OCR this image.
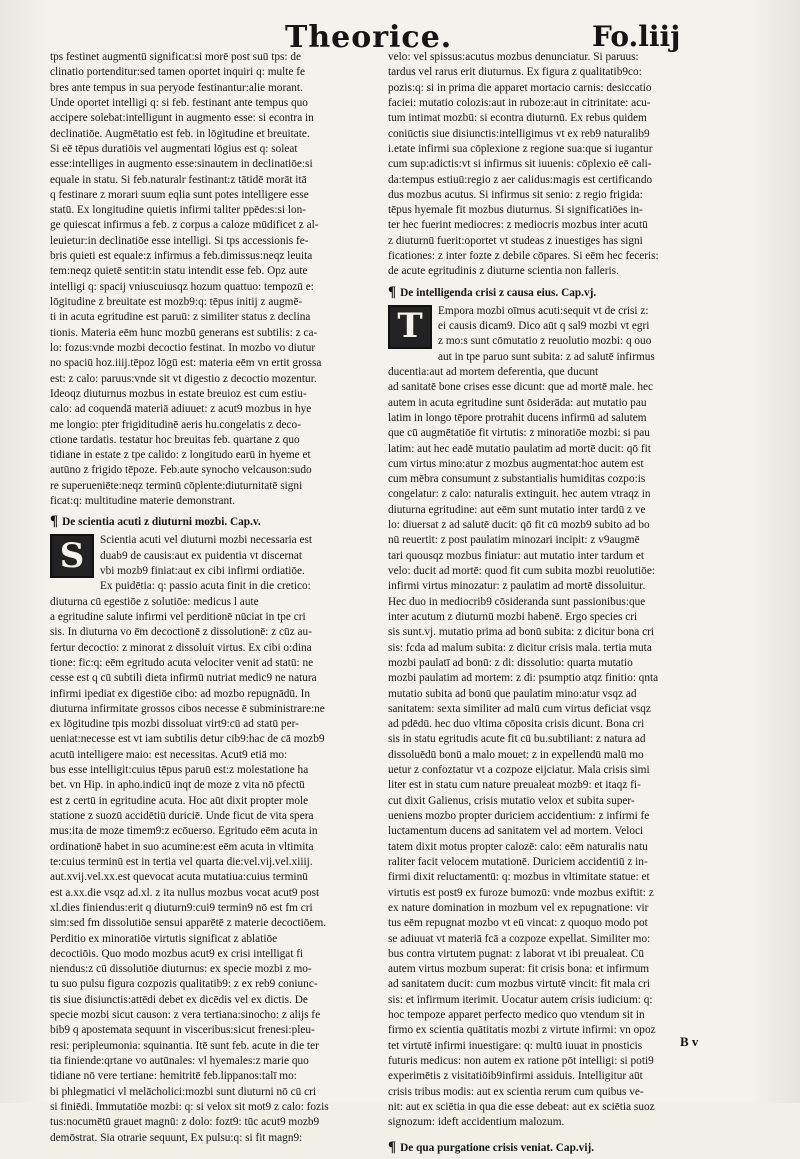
Theorice.	Fo.liij
tps festinet augmentū significat:si morē post suū tps: de
clinatio portenditur:sed tamen oportet inquiri q: multe fe
bres ante tempus in sua peryode festinantur:alie morant.
Unde oportet intelligi q: si feb. festinant ante tempus quo
accipere solebat:intelligunt in augmento esse: si econtra in
declinatiōe. Augmētatio est feb. in lōgitudine et breuitate.
Si eē tēpus duratiōis vel augmentati lōgius est q: soleat
esse:intelliges in augmento esse:sinautem in declinatiōe:si
equale in statu. Si feb.naturalr festinant:z tātidē morāt itā
q festinare z morari suum eqlia sunt potes intelligere esse
statū. Ex longitudine quietis infirmi taliter ppēdes:si lon-
ge quiescat infirmus a feb. z corpus a caloze mūdificet z al-
leuietur:in declinatiōe esse intelligi. Si tps accessionis fe-
bris quieti est equale:z infirmus a feb.dimissus:neqz leuita
tem:neqz quietē sentit:in statu intendit esse feb. Opz aute
intelligi q: spacij vniuscuiusqz hozum quattuo: tempozū e:
lōgitudine z breuitate est mozb9:q: tēpus initij z augmē-
ti in acuta egritudine est paruū: z similiter status z declina
tionis. Materia eēm hunc mozbū generans est subtilis: z ca-
lo: fozus:vnde mozbi decoctio festinat. In mozbo vo diutur
no spaciū hoz.iiij.tēpoz lōgū est: materia eēm vn ertit grossa
est: z calo: paruus:vnde sit vt digestio z decoctio mozentur.
Ideoqz diuturnus mozbus in estate breuioz est cum estiu-
calo: ad coquendā materiā adiuuet: z acut9 mozbus in hye
me longio: pter frigiditudinē aeris hu.congelatis z deco-
ctione tardatis. testatur hoc breuitas feb. quartane z quo
tidiane in estate z tpe calido: z longitudo earū in hyeme et
autūno z frigido tēpoze. Feb.aute synocho velcauson:sudo
re superueniēte:neqz terminū cōplente:diuturnitatē signi
ficat:q: multitudine materie demonstrant.
¶ De scientia acuti z diuturni mozbi. Cap.v.
S	Scientia acuti vel diuturni mozbi necessaria est
duab9 de causis:aut ex puidentia vt discernat
vbi mozb9 finiat:aut ex cibi infirmi ordiatiōe.
Ex puidētia: q: passio acuta finit in die cretico:
diuturna cū egestiōe z solutiōe: medicus l aute
a egritudine salute infirmi vel perditionē nūciat in tpe cri
sis. In diuturna vo ēm decoctionē z dissolutionē: z cūz au-
fertur decoctio: z minorat z dissoluit virtus. Ex cibi o:dina
tione: fic:q: eēm egritudo acuta velociter venit ad statū: ne
cesse est q cū subtili dieta infirmū nutriat medic9 ne natura
infirmi ipediat ex digestiōe cibo: ad mozbo repugnādū. In
diuturna infirmitate grossos cibos necesse ē subministrare:ne
ex lōgitudine tpis mozbi dissoluat virt9:cū ad statū per-
ueniat:necesse est vt iam subtilis detur cib9:hac de cā mozb9
acutū intelligere maio: est necessitas. Acut9 etiā mo:
bus esse intelligit:cuius tēpus paruū est:z molestatione ha
bet. vn Hip. in apho.indicū inqt de moze z vita nō pfectū
est z certū in egritudine acuta. Hoc aūt dixit propter mole
statione z suozū accidētiū duriciē. Unde ficut de vita spera
mus:ita de moze timem9:z ecōuerso. Egritudo eēm acuta in
ordinationē habet in suo acumine:est eēm acuta in vltimita
te:cuius terminū est in tertia vel quarta die:vel.vij.vel.xiiij.
aut.xvij.vel.xx.est quevocat acuta mutatiua:cuius terminū
est a.xx.die vsqz ad.xl. z ita nullus mozbus vocat acut9 post
xl.dies finiendus:erit q diuturn9:cui9 termin9 nō est fm cri
sim:sed fm dissolutiōe sensui apparētē z materie decoctiōem.
Perditio ex minoratiōe virtutis significat z ablatiōe
decoctiōis. Quo modo mozbus acut9 ex crisi intelligat fi
niendus:z cū dissolutiōe diuturnus: ex specie mozbi z mo-
tu suo pulsu figura cozpozis qualitatib9: z ex reb9 coniunc-
tis siue disiunctis:attēdi debet ex dicēdis vel ex dictis. De
specie mozbi sicut causon: z vera tertiana:sinocho: z alijs fe
bib9 q apostemata sequunt in visceribus:sicut frenesi:pleu-
resi: peripleumonia: squinantia. Itē sunt feb. acute in die ter
tia finiende:qrtane vo autūnales: vl hyemales:z marie quo
tidiane nō vere tertiane: hemitritē feb.lippanos:talī mo:
bi phlegmatici vl melācholici:mozbi sunt diuturni nō cū cri
si finiēdi. Immutatiōe mozbi: q: si velox sit mot9 z calo: fozis
tus:nocumētū grauet magnū: z dolo: fozt9: tūc acut9 mozb9
demōstrat. Sia otrarie sequunt, Ex pulsu:q: si fit magn9:
velo: vel spissus:acutus mozbus denunciatur. Si paruus:
tardus vel rarus erit diuturnus. Ex figura z qualitatib9co:
pozis:q: si in prima die apparet mortacio carnis: desiccatio
faciei: mutatio colozis:aut in ruboze:aut in citrinitate: acu-
tum intimat mozbū: si econtra diuturnū. Ex rebus quidem
coniūctis siue disiunctis:intelligimus vt ex reb9 naturalib9
i.etate infirmi sua cōplexione z regione sua:que si iugantur
cum sup:adictis:vt si infirmus sit iuuenis: cōplexio eē cali-
da:tempus estiuū:regio z aer calidus:magis est certificando
dus mozbus acutus. Si infirmus sit senio: z regio frigida:
tēpus hyemale fit mozbus diuturnus. Si significatiōes in-
ter hec fuerint mediocres: z mediocris mozbus inter acutū
z diuturnū fuerit:oportet vt studeas z inuestiges has signi
ficationes: z inter fozte z debile cōpares. Si eēm hec feceris:
de acute egritudinis z diuturne scientia non falleris.
¶ De intelligenda crisi z causa eius. Cap.vj.
T	Empora mozbi oīmus acuti:sequit vt de crisi z:
ei causis dicam9. Dico aūt q sal9 mozbi vt egri
z mo:s sunt cōmutatio z reuolutio mozbi: q ouo
aut in tpe paruo sunt subita: z ad salutē infirmus
ducentia:aut ad mortem deferentia, que ducunt
ad sanitatē bone crises esse dicunt: que ad mortē male. hec
autem in acuta egritudine sunt ōsiderāda: aut mutatio pau
latim in longo tēpore protrahit ducens infirmū ad salutem
que cū augmētatiōe fit virtutis: z minoratiōe mozbi: si pau
latim: aut hec eadē mutatio paulatim ad mortē ducit: qō fit
cum virtus mino:atur z mozbus augmentat:hoc autem est
cum mēbra consumunt z substantialis humiditas cozpo:is
congelatur: z calo: naturalis extinguit. hec autem vtraqz in
diuturna egritudine: aut eēm sunt mutatio inter tardū z ve
lo: diuersat z ad salutē ducit: qō fit cū mozb9 subito ad bo
nū reuertit: z post paulatim minozari incipit: z v9augmē
tari quousqz mozbus finiatur: aut mutatio inter tardum et
velo: ducit ad mortē: quod fit cum subita mozbi reuolutiōe:
infirmi virtus minozatur: z paulatim ad mortē dissoluitur.
Hec duo in mediocrib9 cōsideranda sunt passionibus:que
inter acutum z diuturnū mozbi habenē. Ergo species cri
sis sunt.vj. mutatio prima ad bonū subita: z dicitur bona cri
sis: fcda ad malum subita: z dicitur crisis mala. tertia muta
mozbi paulatī ad bonū: z di: dissolutio: quarta mutatio
mozbi paulatim ad mortem: z di: psumptio atqz finitio: qnta
mutatio subita ad bonū que paulatim mino:atur vsqz ad
sanitatem: sexta similiter ad malū cum virtus deficiat vsqz
ad pdēdū. hec duo vltima cōposita crisis dicunt. Bona cri
sis in statu egritudis acute fit cū bu.subtiliant: z natura ad
dissoluēdū bonū a malo mouet: z in expellendū malū mo
uetur z confoztatur vt a cozpoze eijciatur. Mala crisis simi
liter est in statu cum nature preualeat mozb9: et itaqz fi-
cut dixit Galienus, crisis mutatio velox et subita super-
ueniens mozbo propter duriciem accidentium: z infirmi fe
luctamentum ducens ad sanitatem vel ad mortem. Veloci
tatem dixit motus propter calozē: calo: eēm naturalis natu
raliter facit velocem mutationē. Duriciem accidentiū z in-
firmi dixit reluctamentū: q: mozbus in vltimitate statue: et
virtutis est post9 ex furoze bumozū: vnde mozbus exiftit: z
ex nature domination in mozbum vel ex repugnatione: vir
tus eēm repugnat mozbo vt eū vincat: z quoquo modo pot
se adiuuat vt materiā fcā a cozpoze expellat. Similiter mo:
bus contra virtutem pugnat: z laborat vt ibi preualeat. Cū
autem virtus mozbum superat: fit crisis bona: et infirmum
ad sanitatem ducit: cum mozbus virtutē vincit: fit mala cri
sis: et infirmum iterimit. Uocatur autem crisis iudicium: q:
hoc tempoze apparet perfecto medico quo vtendum sit in
firmo ex scientia quātitatis mozbi z virtute infirmi: vn opoz
tet virtutē infirmi inuestigare: q: multū iuuat in pnosticis
futuris medicus: non autem ex ratione pōt intelligi: si poti9
experimētis z visitatiōib9infirmi assiduis. Intelligitur aūt
crisis tribus modis: aut ex scientia rerum cum quibus ve-
nit: aut ex sciētia in qua die esse debeat: aut ex sciētia suoz
signozum: ideft accidentium malozum.
¶ De qua purgatione crisis veniat. Cap.vij.
B v
